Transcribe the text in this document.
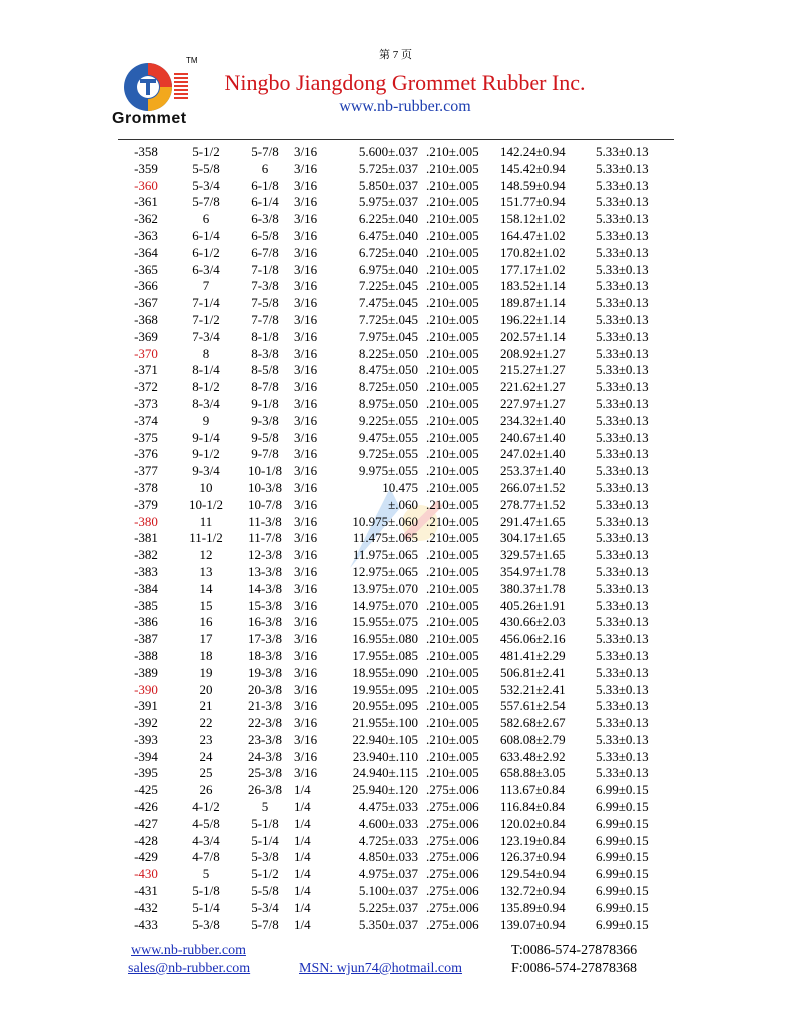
第 7 页
TM
Grommet
Ningbo Jiangdong Grommet Rubber Inc.
www.nb-rubber.com
-358	5-1/2	5-7/8	3/16	5.600±.037	.210±.005	142.24±0.94	5.33±0.13
-359	5-5/8	6	3/16	5.725±.037	.210±.005	145.42±0.94	5.33±0.13
-360	5-3/4	6-1/8	3/16	5.850±.037	.210±.005	148.59±0.94	5.33±0.13
-361	5-7/8	6-1/4	3/16	5.975±.037	.210±.005	151.77±0.94	5.33±0.13
-362	6	6-3/8	3/16	6.225±.040	.210±.005	158.12±1.02	5.33±0.13
-363	6-1/4	6-5/8	3/16	6.475±.040	.210±.005	164.47±1.02	5.33±0.13
-364	6-1/2	6-7/8	3/16	6.725±.040	.210±.005	170.82±1.02	5.33±0.13
-365	6-3/4	7-1/8	3/16	6.975±.040	.210±.005	177.17±1.02	5.33±0.13
-366	7	7-3/8	3/16	7.225±.045	.210±.005	183.52±1.14	5.33±0.13
-367	7-1/4	7-5/8	3/16	7.475±.045	.210±.005	189.87±1.14	5.33±0.13
-368	7-1/2	7-7/8	3/16	7.725±.045	.210±.005	196.22±1.14	5.33±0.13
-369	7-3/4	8-1/8	3/16	7.975±.045	.210±.005	202.57±1.14	5.33±0.13
-370	8	8-3/8	3/16	8.225±.050	.210±.005	208.92±1.27	5.33±0.13
-371	8-1/4	8-5/8	3/16	8.475±.050	.210±.005	215.27±1.27	5.33±0.13
-372	8-1/2	8-7/8	3/16	8.725±.050	.210±.005	221.62±1.27	5.33±0.13
-373	8-3/4	9-1/8	3/16	8.975±.050	.210±.005	227.97±1.27	5.33±0.13
-374	9	9-3/8	3/16	9.225±.055	.210±.005	234.32±1.40	5.33±0.13
-375	9-1/4	9-5/8	3/16	9.475±.055	.210±.005	240.67±1.40	5.33±0.13
-376	9-1/2	9-7/8	3/16	9.725±.055	.210±.005	247.02±1.40	5.33±0.13
-377	9-3/4	10-1/8	3/16	9.975±.055	.210±.005	253.37±1.40	5.33±0.13
-378	10	10-3/8	3/16	10.475	.210±.005	266.07±1.52	5.33±0.13
-379	10-1/2	10-7/8	3/16	±.060	.210±.005	278.77±1.52	5.33±0.13
-380	11	11-3/8	3/16	10.975±.060	.210±.005	291.47±1.65	5.33±0.13
-381	11-1/2	11-7/8	3/16	11.475±.065	.210±.005	304.17±1.65	5.33±0.13
-382	12	12-3/8	3/16	11.975±.065	.210±.005	329.57±1.65	5.33±0.13
-383	13	13-3/8	3/16	12.975±.065	.210±.005	354.97±1.78	5.33±0.13
-384	14	14-3/8	3/16	13.975±.070	.210±.005	380.37±1.78	5.33±0.13
-385	15	15-3/8	3/16	14.975±.070	.210±.005	405.26±1.91	5.33±0.13
-386	16	16-3/8	3/16	15.955±.075	.210±.005	430.66±2.03	5.33±0.13
-387	17	17-3/8	3/16	16.955±.080	.210±.005	456.06±2.16	5.33±0.13
-388	18	18-3/8	3/16	17.955±.085	.210±.005	481.41±2.29	5.33±0.13
-389	19	19-3/8	3/16	18.955±.090	.210±.005	506.81±2.41	5.33±0.13
-390	20	20-3/8	3/16	19.955±.095	.210±.005	532.21±2.41	5.33±0.13
-391	21	21-3/8	3/16	20.955±.095	.210±.005	557.61±2.54	5.33±0.13
-392	22	22-3/8	3/16	21.955±.100	.210±.005	582.68±2.67	5.33±0.13
-393	23	23-3/8	3/16	22.940±.105	.210±.005	608.08±2.79	5.33±0.13
-394	24	24-3/8	3/16	23.940±.110	.210±.005	633.48±2.92	5.33±0.13
-395	25	25-3/8	3/16	24.940±.115	.210±.005	658.88±3.05	5.33±0.13
-425	26	26-3/8	1/4	25.940±.120	.275±.006	113.67±0.84	6.99±0.15
-426	4-1/2	5	1/4	4.475±.033	.275±.006	116.84±0.84	6.99±0.15
-427	4-5/8	5-1/8	1/4	4.600±.033	.275±.006	120.02±0.84	6.99±0.15
-428	4-3/4	5-1/4	1/4	4.725±.033	.275±.006	123.19±0.84	6.99±0.15
-429	4-7/8	5-3/8	1/4	4.850±.033	.275±.006	126.37±0.94	6.99±0.15
-430	5	5-1/2	1/4	4.975±.037	.275±.006	129.54±0.94	6.99±0.15
-431	5-1/8	5-5/8	1/4	5.100±.037	.275±.006	132.72±0.94	6.99±0.15
-432	5-1/4	5-3/4	1/4	5.225±.037	.275±.006	135.89±0.94	6.99±0.15
-433	5-3/8	5-7/8	1/4	5.350±.037	.275±.006	139.07±0.94	6.99±0.15
www.nb-rubber.com
sales@nb-rubber.com	MSN: wjun74@hotmail.com
T:0086-574-27878366
F:0086-574-27878368
